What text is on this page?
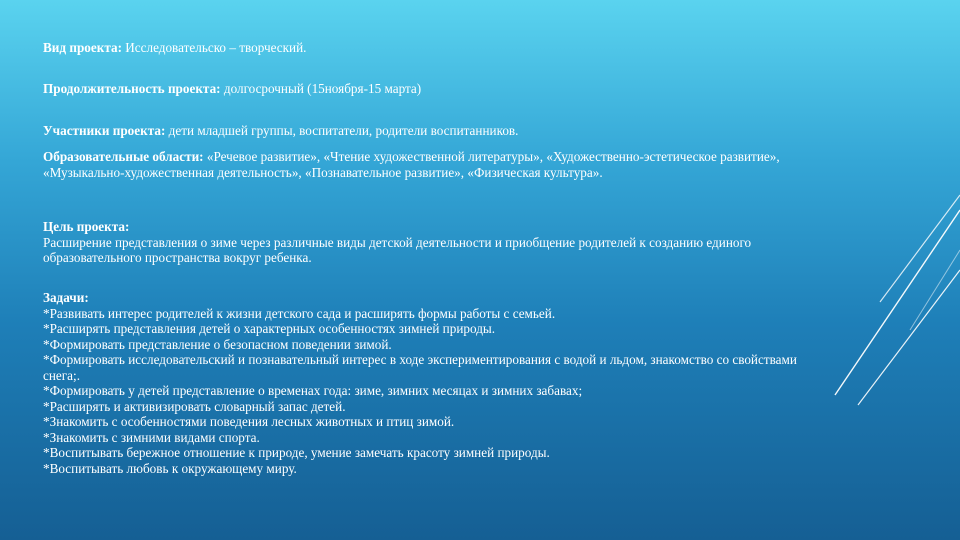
Вид проекта: Исследовательско – творческий.

Продолжительность проекта: долгосрочный (15ноября-15 марта)

Участники проекта: дети младшей группы, воспитатели, родители воспитанников.

Образовательные области: «Речевое развитие», «Чтение художественной литературы», «Художественно-эстетическое развитие», «Музыкально-художественная деятельность», «Познавательное развитие», «Физическая культура».

Цель проекта:
Расширение представления о зиме через различные виды детской деятельности и приобщение родителей к созданию единого образовательного пространства вокруг ребенка.

Задачи:
*Развивать интерес родителей к жизни детского сада и расширять формы работы с семьей.
*Расширять представления детей о характерных особенностях зимней природы.
*Формировать представление о безопасном поведении зимой.
*Формировать исследовательский и познавательный интерес в ходе экспериментирования с водой и льдом, знакомство со свойствами снега;.
*Формировать у детей представление о временах года: зиме, зимних месяцах и зимних забавах;
*Расширять и активизировать словарный запас детей.
*Знакомить с особенностями поведения лесных животных и птиц зимой.
*Знакомить с зимними видами спорта.
*Воспитывать бережное отношение к природе, умение замечать красоту зимней природы.
*Воспитывать любовь к окружающему миру.
